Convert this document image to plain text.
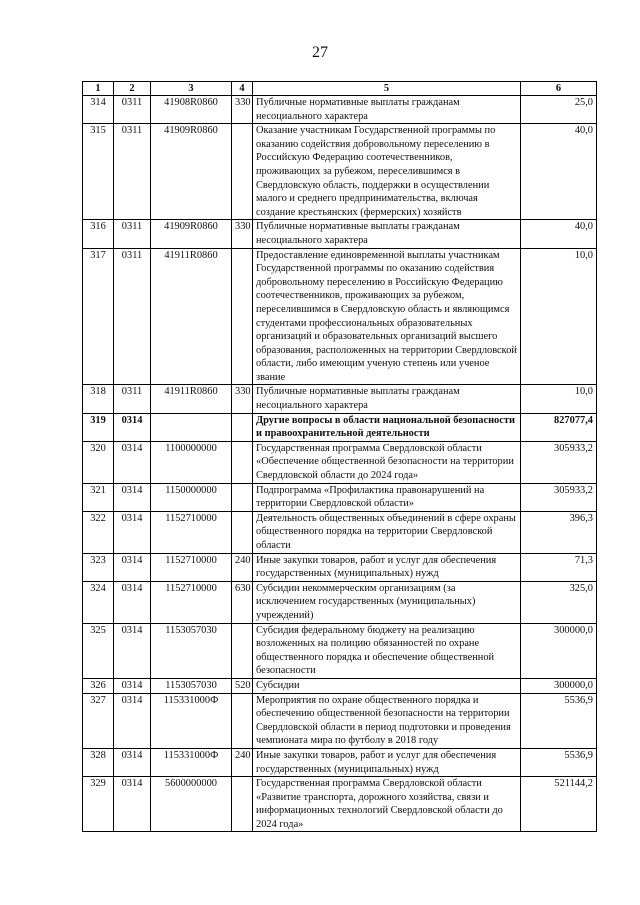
27
1	2	3	4	5	6
314	0311	41908R0860	330	Публичные нормативные выплаты гражданам несоциального характера	25,0
315	0311	41909R0860		Оказание участникам Государственной программы по оказанию содействия добровольному переселению в Российскую Федерацию соотечественников, проживающих за рубежом, переселившимся в Свердловскую область, поддержки в осуществлении малого и среднего предпринимательства, включая создание крестьянских (фермерских) хозяйств	40,0
316	0311	41909R0860	330	Публичные нормативные выплаты гражданам несоциального характера	40,0
317	0311	41911R0860		Предоставление единовременной выплаты участникам Государственной программы по оказанию содействия добровольному переселению в Российскую Федерацию соотечественников, проживающих за рубежом, переселившимся в Свердловскую область и являющимся студентами профессиональных образовательных организаций и образовательных организаций высшего образования, расположенных на территории Свердловской области, либо имеющим ученую степень или ученое звание	10,0
318	0311	41911R0860	330	Публичные нормативные выплаты гражданам несоциального характера	10,0
319	0314			Другие вопросы в области национальной безопасности и правоохранительной деятельности	827077,4
320	0314	1100000000		Государственная программа Свердловской области «Обеспечение общественной безопасности на территории Свердловской области до 2024 года»	305933,2
321	0314	1150000000		Подпрограмма «Профилактика правонарушений на территории Свердловской области»	305933,2
322	0314	1152710000		Деятельность общественных объединений в сфере охраны общественного порядка на территории Свердловской области	396,3
323	0314	1152710000	240	Иные закупки товаров, работ и услуг для обеспечения государственных (муниципальных) нужд	71,3
324	0314	1152710000	630	Субсидии некоммерческим организациям (за исключением государственных (муниципальных) учреждений)	325,0
325	0314	1153057030		Субсидия федеральному бюджету на реализацию возложенных на полицию обязанностей по охране общественного порядка и обеспечение общественной безопасности	300000,0
326	0314	1153057030	520	Субсидии	300000,0
327	0314	115331000Ф		Мероприятия по охране общественного порядка и обеспечению общественной безопасности на территории Свердловской области в период подготовки и проведения чемпионата мира по футболу в 2018 году	5536,9
328	0314	115331000Ф	240	Иные закупки товаров, работ и услуг для обеспечения государственных (муниципальных) нужд	5536,9
329	0314	5600000000		Государственная программа Свердловской области «Развитие транспорта, дорожного хозяйства, связи и информационных технологий Свердловской области до 2024 года»	521144,2
